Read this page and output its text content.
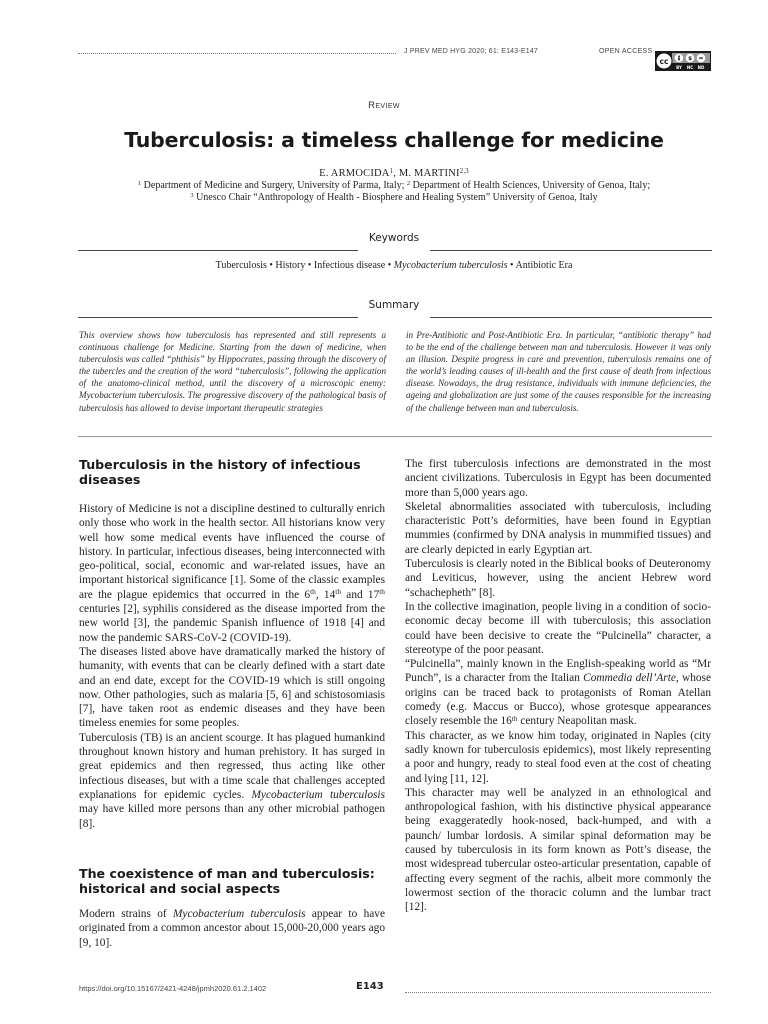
J PREV MED HYG 2020; 61: E143-E147	OPEN ACCESS
cc	$ =
BY NC ND
Review
Tuberculosis: a timeless challenge for medicine
E. ARMOCIDA$^1$, M. MARTINI$^{2,3}$
$^1$ Department of Medicine and Surgery, University of Parma, Italy; $^2$ Department of Health Sciences, University of Genoa, Italy;
$^3$ Unesco Chair “Anthropology of Health - Biosphere and Healing System” University of Genoa, Italy
Keywords
Tuberculosis • History • Infectious disease • Mycobacterium tuberculosis • Antibiotic Era
Summary
This overview shows how tuberculosis has represented and still represents a continuous challenge for Medicine. Starting from the dawn of medicine, when tuberculosis was called “phthisis” by Hippocrates, passing through the discovery of the tubercles and the creation of the word “tuberculosis”, following the application of the anatomo-clinical method, until the discovery of a microscopic enemy: Mycobacterium tuberculosis. The progressive discovery of the pathological basis of tuberculosis has allowed to devise important therapeutic strategies
in Pre-Antibiotic and Post-Antibiotic Era. In particular, “antibiotic therapy” had to be the end of the challenge between man and tuberculosis. However it was only an illusion. Despite progress in care and prevention, tuberculosis remains one of the world’s leading causes of ill-health and the first cause of death from infectious disease. Nowadays, the drug resistance, individuals with immune deficiencies, the ageing and globalization are just some of the causes responsible for the increasing of the challenge between man and tuberculosis.
Tuberculosis in the history of infectious diseases

History of Medicine is not a discipline destined to culturally enrich only those who work in the health sector. All historians know very well how some medical events have influenced the course of history. In particular, infectious diseases, being interconnected with geo-political, social, economic and war-related issues, have an important historical significance [1]. Some of the classic examples are the plague epidemics that occurred in the 6th, 14th and 17th centuries [2], syphilis considered as the disease imported from the new world [3], the pandemic Spanish influence of 1918 [4] and now the pandemic SARS-CoV-2 (COVID-19).

The diseases listed above have dramatically marked the history of humanity, with events that can be clearly defined with a start date and an end date, except for the COVID-19 which is still ongoing now. Other pathologies, such as malaria [5, 6] and schistosomiasis [7], have taken root as endemic diseases and they have been timeless enemies for some peoples.

Tuberculosis (TB) is an ancient scourge. It has plagued humankind throughout known history and human prehistory. It has surged in great epidemics and then regressed, thus acting like other infectious diseases, but with a time scale that challenges accepted explanations for epidemic cycles. Mycobacterium tuberculosis may have killed more persons than any other microbial pathogen [8].

The coexistence of man and tuberculosis: historical and social aspects

Modern strains of Mycobacterium tuberculosis appear to have originated from a common ancestor about 15,000-20,000 years ago [9, 10].

The first tuberculosis infections are demonstrated in the most ancient civilizations. Tuberculosis in Egypt has been documented more than 5,000 years ago.

Skeletal abnormalities associated with tuberculosis, including characteristic Pott’s deformities, have been found in Egyptian mummies (confirmed by DNA analysis in mummified tissues) and are clearly depicted in early Egyptian art.

Tuberculosis is clearly noted in the Biblical books of Deuteronomy and Leviticus, however, using the ancient Hebrew word “schachepheth” [8].

In the collective imagination, people living in a condition of socio-economic decay become ill with tuberculosis; this association could have been decisive to create the “Pulcinella” character, a stereotype of the poor peasant.

“Pulcinella”, mainly known in the English-speaking world as “Mr Punch”, is a character from the Italian Commedia dell’Arte, whose origins can be traced back to protagonists of Roman Atellan comedy (e.g. Maccus or Bucco), whose grotesque appearances closely resemble the 16th century Neapolitan mask.

This character, as we know him today, originated in Naples (city sadly known for tuberculosis epidemics), most likely representing a poor and hungry, ready to steal food even at the cost of cheating and lying [11, 12].

This character may well be analyzed in an ethnological and anthropological fashion, with his distinctive physical appearance being exaggeratedly hook-nosed, back-humped, and with a paunch/ lumbar lordosis. A similar spinal deformation may be caused by tuberculosis in its form known as Pott’s disease, the most widespread tubercular osteo-articular presentation, capable of affecting every segment of the rachis, albeit more commonly the lowermost section of the thoracic column and the lumbar tract [12].

https://doi.org/10.15167/2421-4248/jpmh2020.61.2.1402	E143
